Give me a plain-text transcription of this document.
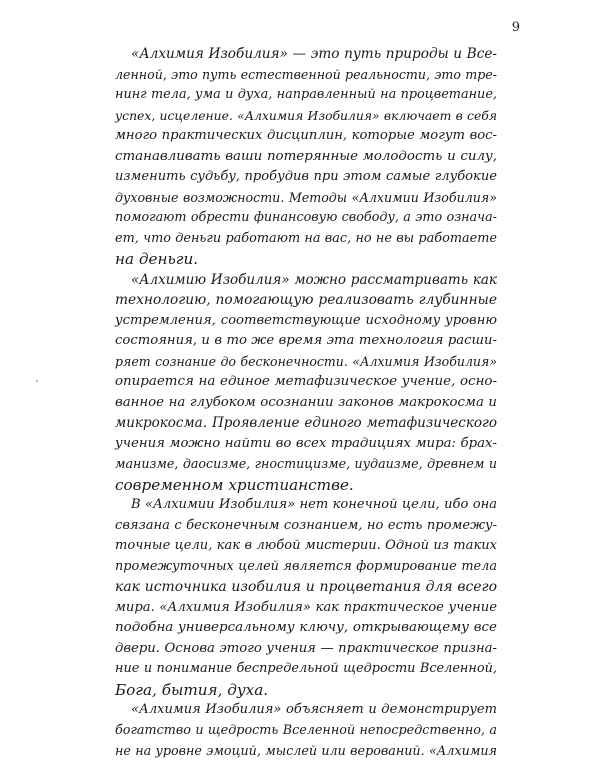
9
«Алхимия Изобилия» — это путь природы и Все-
ленной, это путь естественной реальности, это тре-
нинг тела, ума и духа, направленный на процветание,
успех, исцеление. «Алхимия Изобилия» включает в себя
много практических дисциплин, которые могут вос-
станавливать ваши потерянные молодость и силу,
изменить судьбу, пробудив при этом самые глубокие
духовные возможности. Методы «Алхимии Изобилия»
помогают обрести финансовую свободу, а это означа-
ет, что деньги работают на вас, но не вы работаете
на деньги.
«Алхимию Изобилия» можно рассматривать как
технологию, помогающую реализовать глубинные
устремления, соответствующие исходному уровню
состояния, и в то же время эта технология расши-
ряет сознание до бесконечности. «Алхимия Изобилия»
опирается на единое метафизическое учение, осно-
ванное на глубоком осознании законов макрокосма и
микрокосма. Проявление единого метафизического
учения можно найти во всех традициях мира: брах-
манизме, даосизме, гностицизме, иудаизме, древнем и
современном христианстве.
В «Алхимии Изобилия» нет конечной цели, ибо она
связана с бесконечным сознанием, но есть промежу-
точные цели, как в любой мистерии. Одной из таких
промежуточных целей является формирование тела
как источника изобилия и процветания для всего
мира. «Алхимия Изобилия» как практическое учение
подобна универсальному ключу, открывающему все
двери. Основа этого учения — практическое призна-
ние и понимание беспредельной щедрости Вселенной,
Бога, бытия, духа.
«Алхимия Изобилия» объясняет и демонстрирует
богатство и щедрость Вселенной непосредственно, а
не на уровне эмоций, мыслей или верований. «Алхимия
